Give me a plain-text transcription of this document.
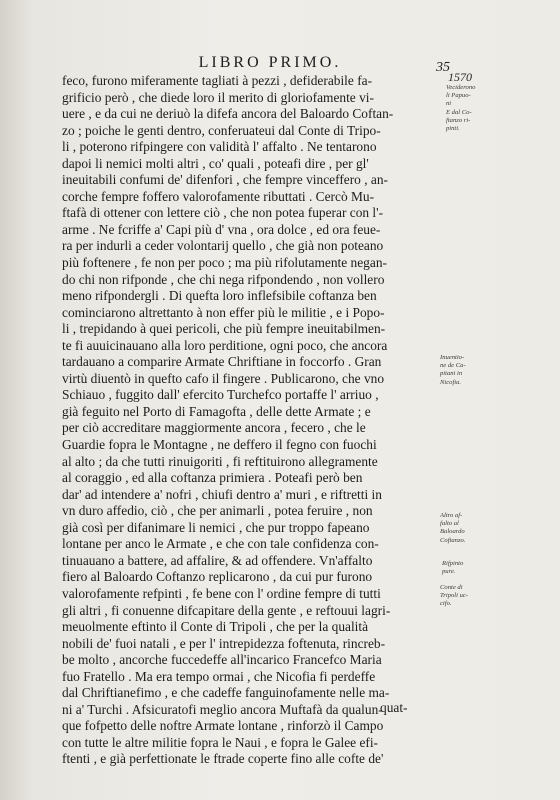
LIBRO PRIMO.	35
1570
feco, furono miferamente tagliati à pezzi , defiderabile fa-
grificio però , che diede loro il merito di gloriofamente vi-
uere , e da cui ne deriuò la difefa ancora del Baloardo Coftan-
zo ; poiche le genti dentro, conferuateui dal Conte di Tripo-
li , poterono rifpingere con validità l' affalto . Ne tentarono
dapoi li nemici molti altri , co' quali , poteafi dire , per gl'
ineuitabili confumi de' difenfori , che fempre vinceffero , an-
corche fempre foffero valorofamente ributtati . Cercò Mu-
ftafà di ottener con lettere ciò , che non potea fuperar con l'-
arme . Ne fcriffe a' Capi più d' vna , ora dolce , ed ora feue-
ra per indurli a ceder volontarij quello , che già non poteano
più foftenere , fe non per poco ; ma più rifolutamente negan-
do chi non rifponde , che chi nega rifpondendo , non vollero
meno rifpondergli . Di quefta loro inflefsibile coftanza ben
cominciarono altrettanto à non effer più le militie , e i Popo-
li , trepidando à quei pericoli, che più fempre ineuitabilmen-
te fi auuicinauano alla loro perditione, ogni poco, che ancora
tardauano a comparire Armate Chriftiane in foccorfo . Gran
virtù diuentò in quefto cafo il fingere . Publicarono, che vno
Schiauo , fuggito dall' efercito Turchefco portaffe l' arriuo ,
già feguito nel Porto di Famagofta , delle dette Armate ; e
per ciò accreditare maggiormente ancora , fecero , che le
Guardie fopra le Montagne , ne deffero il fegno con fuochi
al alto ; da che tutti rinuigoriti , fi reftituirono allegramente
al coraggio , ed alla coftanza primiera . Poteafi però ben
dar' ad intendere a' nofri , chiufi dentro a' muri , e riftretti in
vn duro affedio, ciò , che per animarli , potea feruire , non
già così per difanimare li nemici , che pur troppo fapeano
lontane per anco le Armate , e che con tale confidenza con-
tinuauano a battere, ad affalire, & ad offendere. Vn'affalto
fiero al Baloardo Coftanzo replicarono , da cui pur furono
valorofamente refpinti , fe bene con l' ordine fempre di tutti
gli altri , fi conuenne difcapitare della gente , e reftouui lagri-
meuolmente eftinto il Conte di Tripoli , che per la qualità
nobili de' fuoi natali , e per l' intrepidezza foftenuta, rincreb-
be molto , ancorche fuccedeffe all'incarico Francefco Maria
fuo Fratello . Ma era tempo ormai , che Nicofia fi perdeffe
dal Chriftianefimo , e che cadeffe fanguinofamente nelle ma-
ni a' Turchi . Afsicuratofi meglio ancora Muftafà da qualun-
que fofpetto delle noftre Armate lontane , rinforzò il Campo
con tutte le altre militie fopra le Naui , e fopra le Galee efi-
ftenti , e già perfettionate le ftrade coperte fino alle cofte de'
quat-
Veciderono
li Papuo-
ni
E dal Co-
ftanzo ri-
pinti.
Inuentio-
ne de Ca-
pitani in
Nicofia.
Altro af-
falto al
Baloardo
Coftanzo.
Rifpinto
pure.
Conte di
Tripoli uc-
cifo.
